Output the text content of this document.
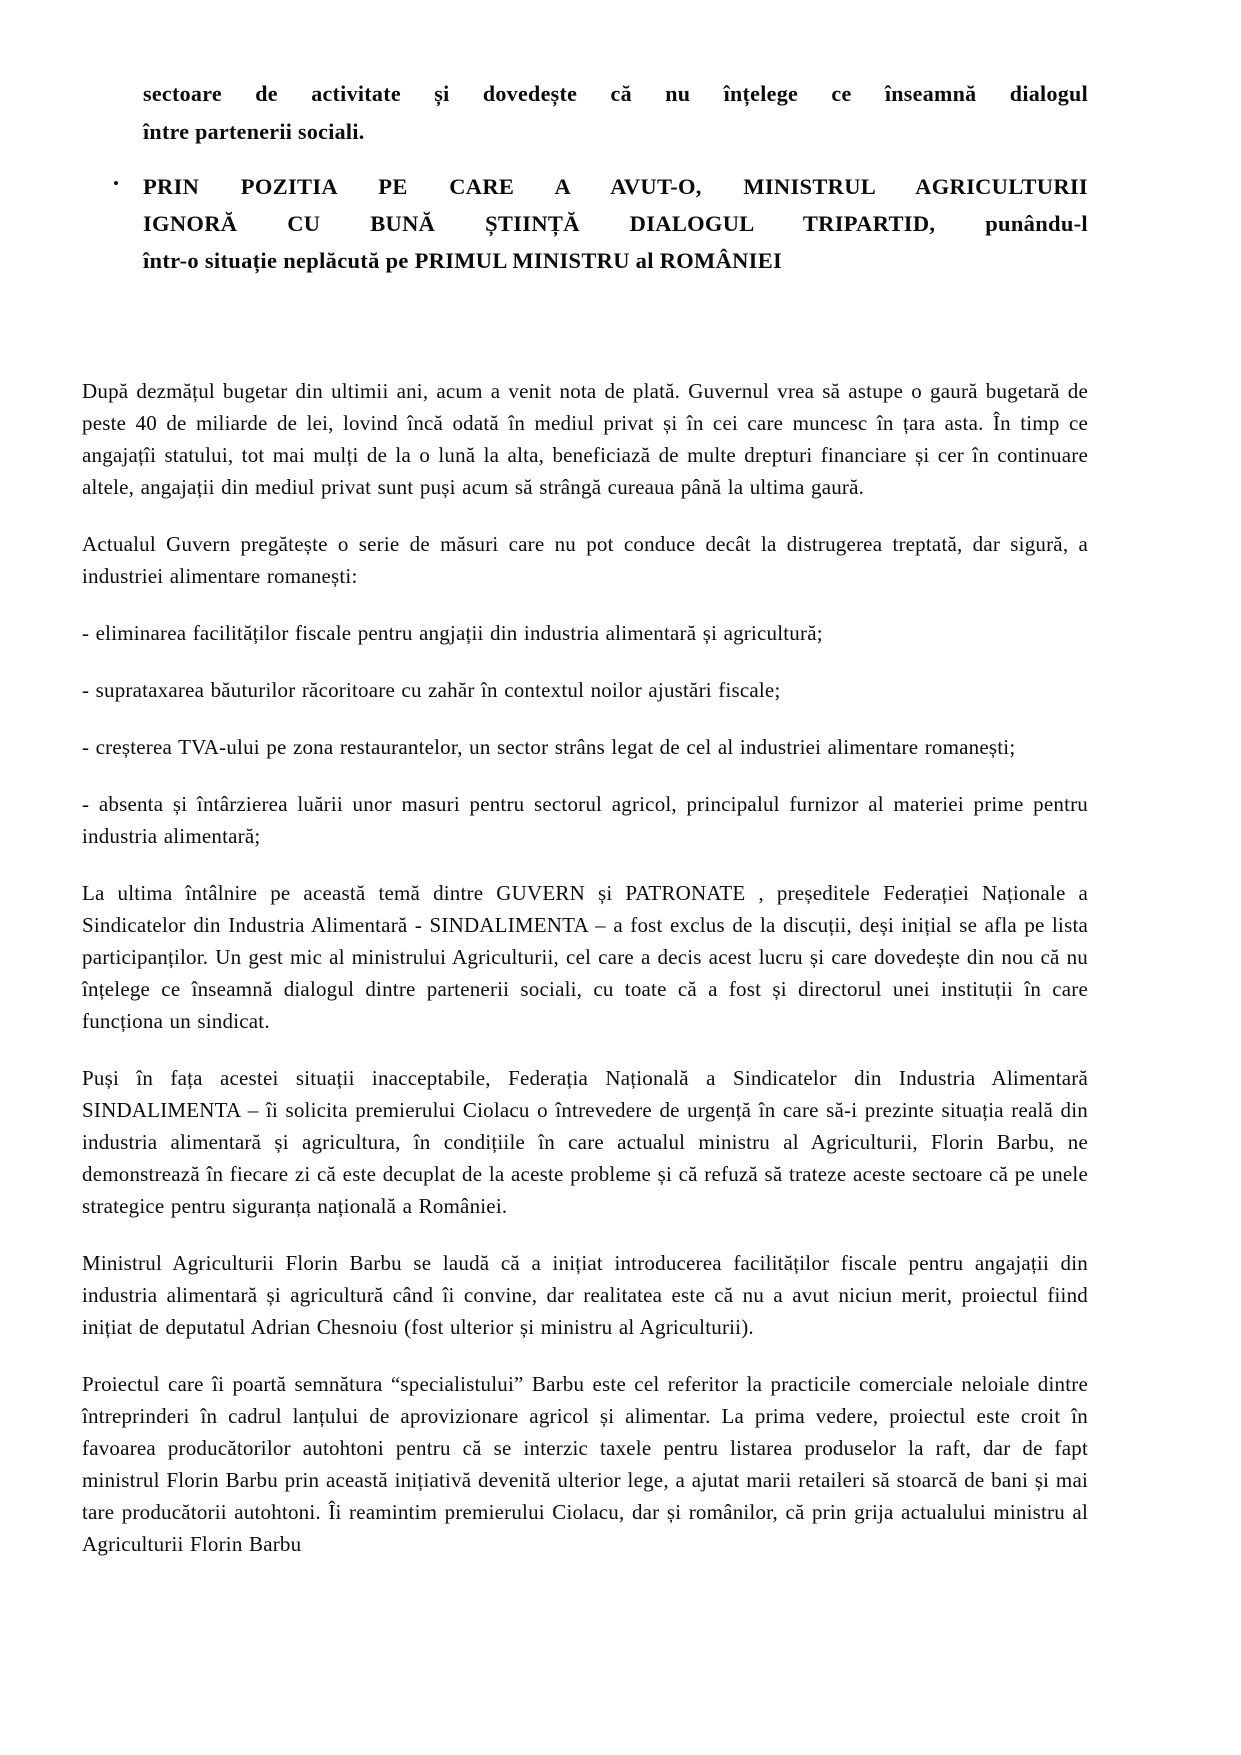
sectoare de activitate și dovedește că nu înțelege ce înseamnă dialogul
între partenerii sociali.
• PRIN POZITIA PE CARE A AVUT-O, MINISTRUL AGRICULTURII
IGNORĂ CU BUNĂ ȘTIINȚĂ DIALOGUL TRIPARTID, punându-l
într-o situație neplăcută pe PRIMUL MINISTRU al ROMÂNIEI

După dezmățul bugetar din ultimii ani, acum a venit nota de plată. Guvernul vrea să astupe o gaură bugetară de peste 40 de miliarde de lei, lovind încă odată în mediul privat și în cei care muncesc în țara asta. În timp ce angajațîi statului, tot mai mulți de la o lună la alta, beneficiază de multe drepturi financiare și cer în continuare altele, angajații din mediul privat sunt puși acum să strângă cureaua până la ultima gaură.

Actualul Guvern pregătește o serie de măsuri care nu pot conduce decât la distrugerea treptată, dar sigură, a industriei alimentare romanești:

- eliminarea facilităților fiscale pentru angjații din industria alimentară și agricultură;

- suprataxarea băuturilor răcoritoare cu zahăr în contextul noilor ajustări fiscale;

- creșterea TVA-ului pe zona restaurantelor, un sector strâns legat de cel al industriei alimentare romanești;

- absenta și întârzierea luării unor masuri pentru sectorul agricol, principalul furnizor al materiei prime pentru industria alimentară;

La ultima întâlnire pe această temă dintre GUVERN și PATRONATE , președitele Federației Naționale a Sindicatelor din Industria Alimentară - SINDALIMENTA – a fost exclus de la discuții, deși inițial se afla pe lista participanților. Un gest mic al ministrului Agriculturii, cel care a decis acest lucru și care dovedește din nou că nu înțelege ce înseamnă dialogul dintre partenerii sociali, cu toate că a fost și directorul unei instituții în care funcționa un sindicat.

Puși în fața acestei situații inacceptabile, Federația Națională a Sindicatelor din Industria Alimentară SINDALIMENTA – îi solicita premierului Ciolacu o întrevedere de urgență în care să-i prezinte situația reală din industria alimentară și agricultura, în condițiile în care actualul ministru al Agriculturii, Florin Barbu, ne demonstrează în fiecare zi că este decuplat de la aceste probleme și că refuză să trateze aceste sectoare că pe unele strategice pentru siguranța națională a României.

Ministrul Agriculturii Florin Barbu se laudă că a inițiat introducerea facilităților fiscale pentru angajații din industria alimentară și agricultură când îi convine, dar realitatea este că nu a avut niciun merit, proiectul fiind inițiat de deputatul Adrian Chesnoiu (fost ulterior și ministru al Agriculturii).

Proiectul care îi poartă semnătura “specialistului” Barbu este cel referitor la practicile comerciale neloiale dintre întreprinderi în cadrul lanțului de aprovizionare agricol și alimentar. La prima vedere, proiectul este croit în favoarea producătorilor autohtoni pentru că se interzic taxele pentru listarea produselor la raft, dar de fapt ministrul Florin Barbu prin această inițiativă devenită ulterior lege, a ajutat marii retaileri să stoarcă de bani și mai tare producătorii autohtoni. Îi reamintim premierului Ciolacu, dar și românilor, că prin grija actualului ministru al Agriculturii Florin Barbu
